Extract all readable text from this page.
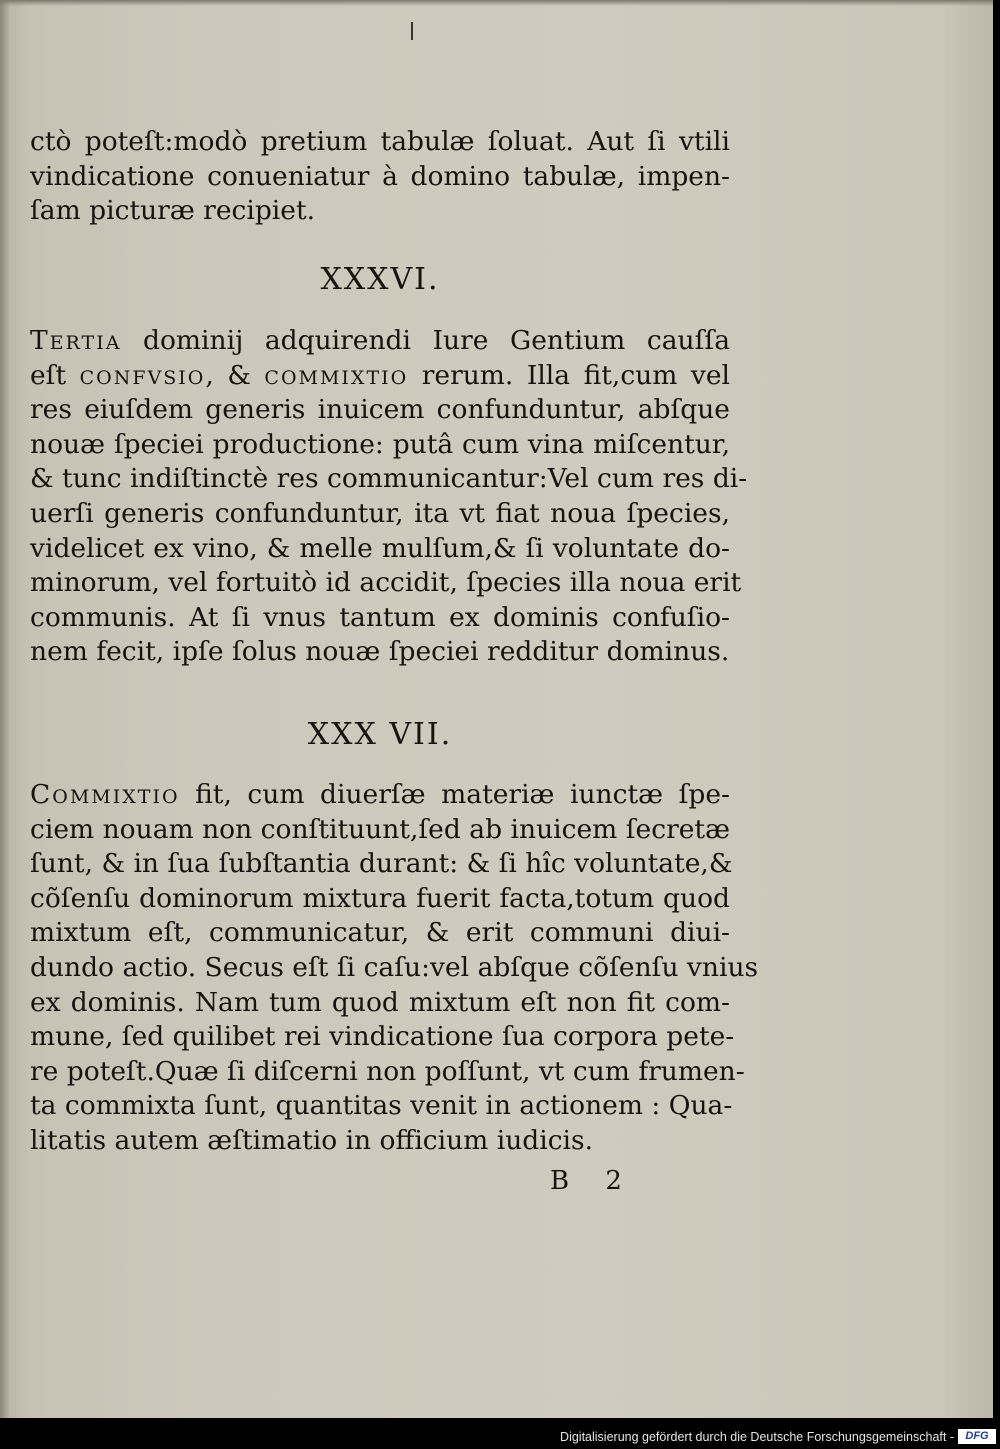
ctò poteſt:modò pretium tabulæ ſoluat. Aut ſi vtili
vindicatione conueniatur à domino tabulæ, impen-
ſam picturæ recipiet.
XXXVI.
Tertia dominij adquirendi Iure Gentium cauſſa
eſt confvsio, & commixtio rerum. Illa fit,cum vel
res eiuſdem generis inuicem confunduntur, abſque
nouæ ſpeciei productione: putâ cum vina miſcentur,
& tunc indiſtinctè res communicantur:Vel cum res di-
uerſi generis confunduntur, ita vt fiat noua ſpecies,
videlicet ex vino, & melle mulſum,& ſi voluntate do-
minorum, vel fortuitò id accidit, ſpecies illa noua erit
communis. At ſi vnus tantum ex dominis confuſio-
nem fecit, ipſe ſolus nouæ ſpeciei redditur dominus.
XXX VII.
Commixtio fit, cum diuerſæ materiæ iunctæ ſpe-
ciem nouam non conſtituunt,ſed ab inuicem ſecretæ
ſunt, & in ſua ſubſtantia durant: & ſi hîc voluntate,&
cõſenſu dominorum mixtura fuerit facta,totum quod
mixtum eſt, communicatur, & erit communi diui-
dundo actio. Secus eſt ſi caſu:vel abſque cõſenſu vnius
ex dominis. Nam tum quod mixtum eſt non fit com-
mune, ſed quilibet rei vindicatione ſua corpora pete-
re poteſt.Quæ ſi diſcerni non poſſunt, vt cum frumen-
ta commixta ſunt, quantitas venit in actionem : Qua-
litatis autem æſtimatio in officium iudicis.
B 2
Digitalisierung gefördert durch die Deutsche Forschungsgemeinschaft -	DFG
